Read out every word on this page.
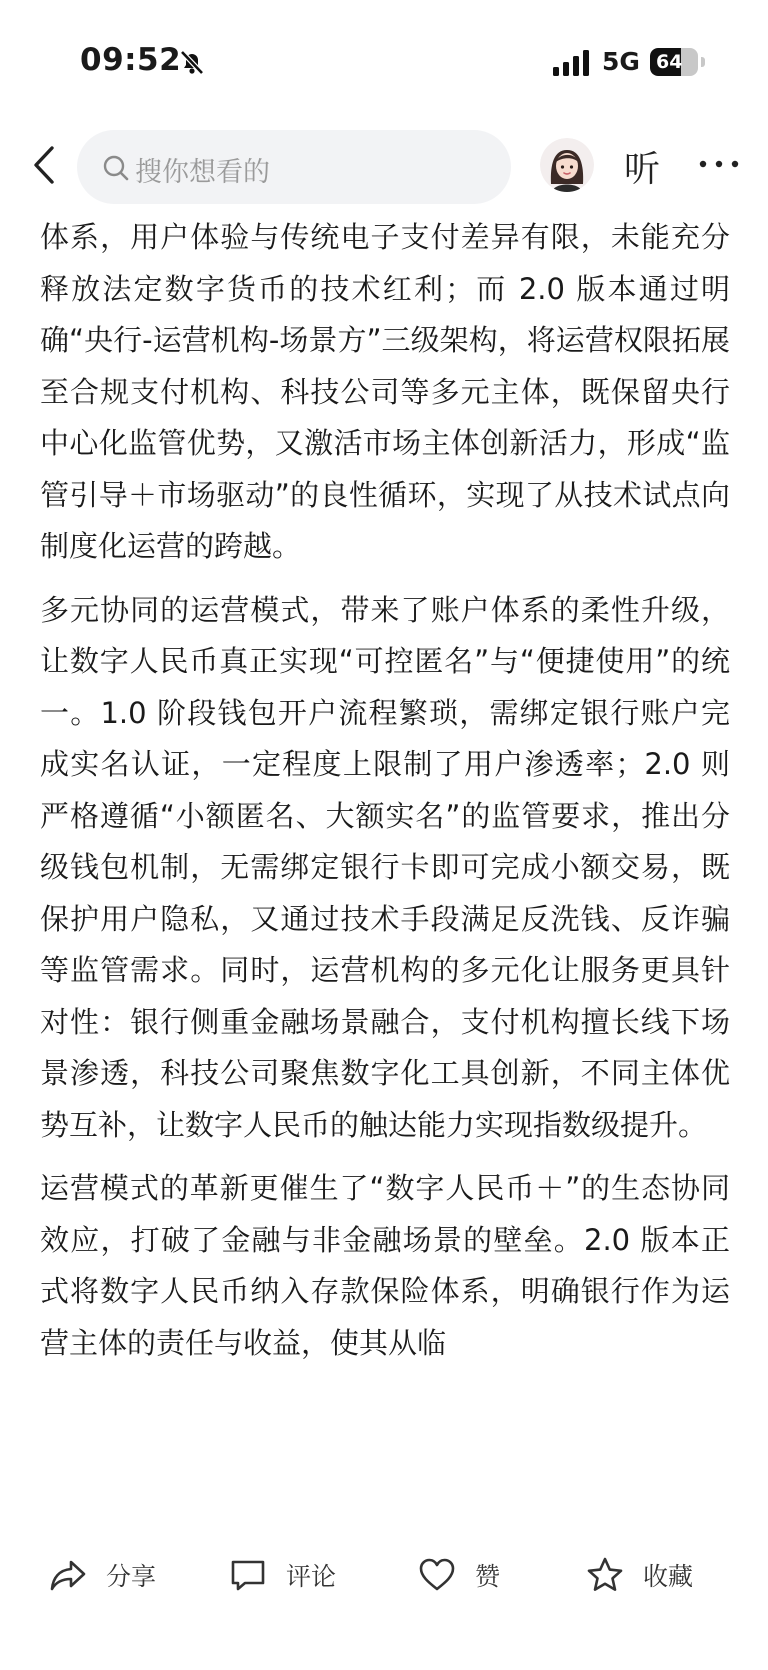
09:52	5G 64
搜你想看的	听

体系，用户体验与传统电子支付差异有限，未能充分释放法定数字货币的技术红利；而 2.0 版本通过明确“央行-运营机构-场景方”三级架构，将运营权限拓展至合规支付机构、科技公司等多元主体，既保留央行中心化监管优势，又激活市场主体创新活力，形成“监管引导＋市场驱动”的良性循环，实现了从技术试点向制度化运营的跨越。

多元协同的运营模式，带来了账户体系的柔性升级，让数字人民币真正实现“可控匿名”与“便捷使用”的统一。1.0 阶段钱包开户流程繁琐，需绑定银行账户完成实名认证，一定程度上限制了用户渗透率；2.0 则严格遵循“小额匿名、大额实名”的监管要求，推出分级钱包机制，无需绑定银行卡即可完成小额交易，既保护用户隐私，又通过技术手段满足反洗钱、反诈骗等监管需求。同时，运营机构的多元化让服务更具针对性：银行侧重金融场景融合，支付机构擅长线下场景渗透，科技公司聚焦数字化工具创新，不同主体优势互补，让数字人民币的触达能力实现指数级提升。

运营模式的革新更催生了“数字人民币＋”的生态协同效应，打破了金融与非金融场景的壁垒。2.0 版本正式将数字人民币纳入存款保险体系，明确银行作为运营主体的责任与收益，使其从临

分享	评论	赞	收藏
